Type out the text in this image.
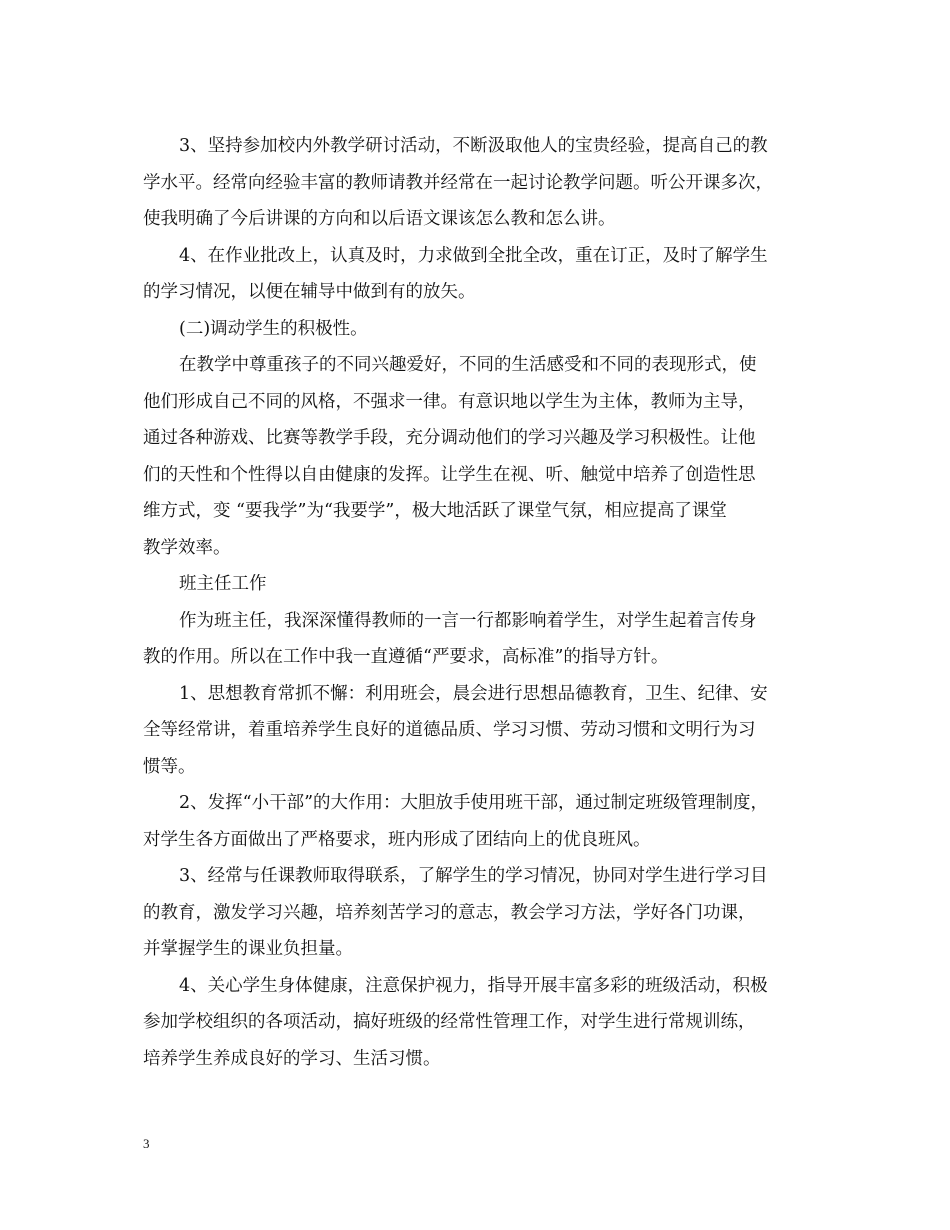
3、坚持参加校内外教学研讨活动，不断汲取他人的宝贵经验，提高自己的教
学水平。经常向经验丰富的教师请教并经常在一起讨论教学问题。听公开课多次，
使我明确了今后讲课的方向和以后语文课该怎么教和怎么讲。
4、在作业批改上，认真及时，力求做到全批全改，重在订正，及时了解学生
的学习情况，以便在辅导中做到有的放矢。
(二)调动学生的积极性。
在教学中尊重孩子的不同兴趣爱好，不同的生活感受和不同的表现形式，使
他们形成自己不同的风格，不强求一律。有意识地以学生为主体，教师为主导，
通过各种游戏、比赛等教学手段，充分调动他们的学习兴趣及学习积极性。让他
们的天性和个性得以自由健康的发挥。让学生在视、听、触觉中培养了创造性思
维方式，变 “要我学”为“我要学”，极大地活跃了课堂气氛，相应提高了课堂
教学效率。
班主任工作
作为班主任，我深深懂得教师的一言一行都影响着学生，对学生起着言传身
教的作用。所以在工作中我一直遵循“严要求，高标准”的指导方针。
1、思想教育常抓不懈：利用班会，晨会进行思想品德教育，卫生、纪律、安
全等经常讲，着重培养学生良好的道德品质、学习习惯、劳动习惯和文明行为习
惯等。
2、发挥“小干部”的大作用：大胆放手使用班干部，通过制定班级管理制度，
对学生各方面做出了严格要求，班内形成了团结向上的优良班风。
3、经常与任课教师取得联系，了解学生的学习情况，协同对学生进行学习目
的教育，激发学习兴趣，培养刻苦学习的意志，教会学习方法，学好各门功课，
并掌握学生的课业负担量。
4、关心学生身体健康，注意保护视力，指导开展丰富多彩的班级活动，积极
参加学校组织的各项活动，搞好班级的经常性管理工作，对学生进行常规训练，
培养学生养成良好的学习、生活习惯。
3
